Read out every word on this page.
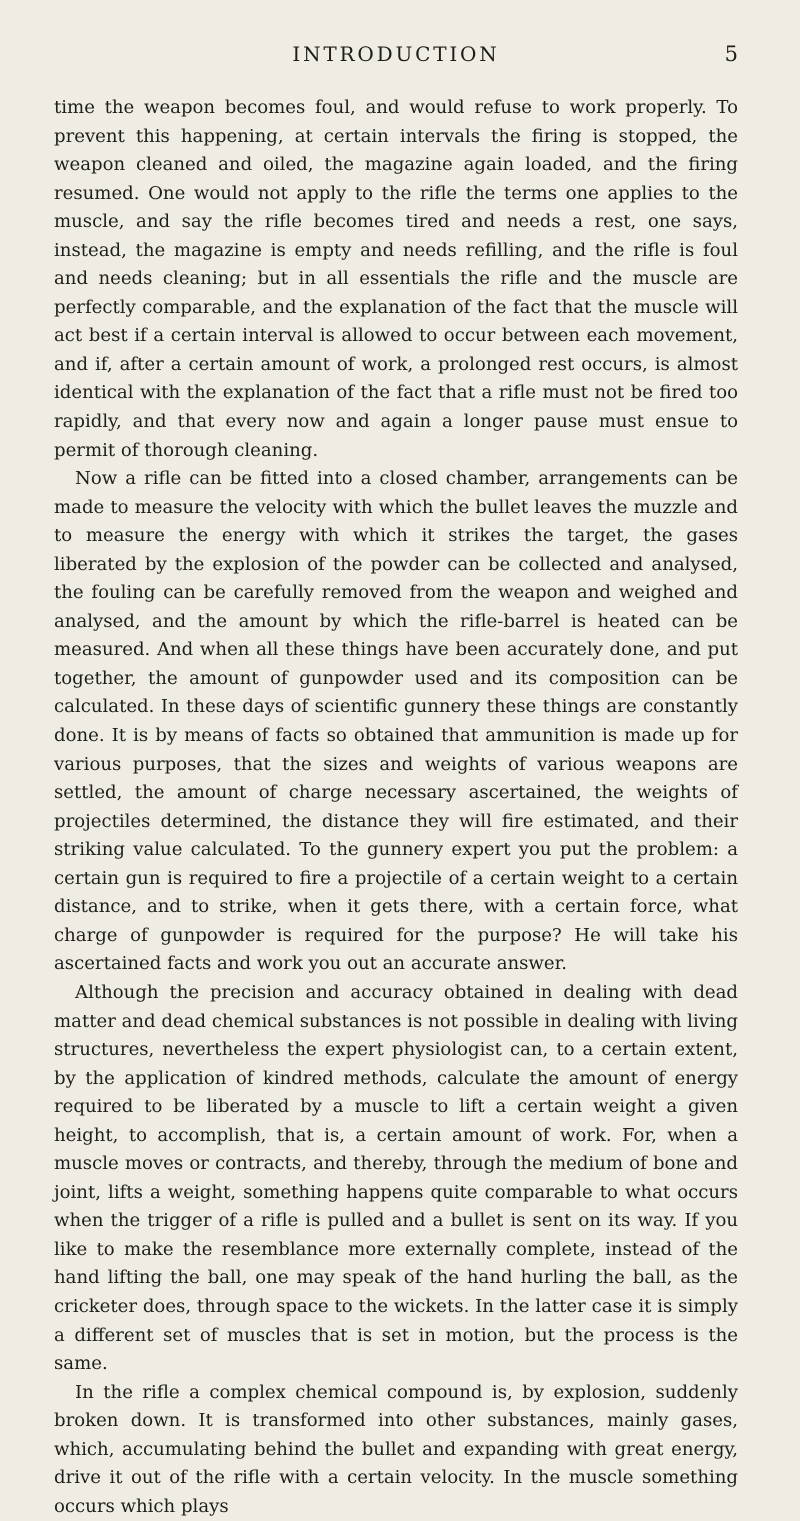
INTRODUCTION	5

time the weapon becomes foul, and would refuse to work properly. To prevent this happening, at certain intervals the firing is stopped, the weapon cleaned and oiled, the magazine again loaded, and the firing resumed. One would not apply to the rifle the terms one applies to the muscle, and say the rifle becomes tired and needs a rest, one says, instead, the magazine is empty and needs refilling, and the rifle is foul and needs cleaning; but in all essentials the rifle and the muscle are perfectly comparable, and the explanation of the fact that the muscle will act best if a certain interval is allowed to occur between each movement, and if, after a certain amount of work, a prolonged rest occurs, is almost identical with the explanation of the fact that a rifle must not be fired too rapidly, and that every now and again a longer pause must ensue to permit of thorough cleaning.

Now a rifle can be fitted into a closed chamber, arrangements can be made to measure the velocity with which the bullet leaves the muzzle and to measure the energy with which it strikes the target, the gases liberated by the explosion of the powder can be collected and analysed, the fouling can be carefully removed from the weapon and weighed and analysed, and the amount by which the rifle-barrel is heated can be measured. And when all these things have been accurately done, and put together, the amount of gunpowder used and its composition can be calculated. In these days of scientific gunnery these things are constantly done. It is by means of facts so obtained that ammunition is made up for various purposes, that the sizes and weights of various weapons are settled, the amount of charge necessary ascertained, the weights of projectiles determined, the distance they will fire estimated, and their striking value calculated. To the gunnery expert you put the problem: a certain gun is required to fire a projectile of a certain weight to a certain distance, and to strike, when it gets there, with a certain force, what charge of gunpowder is required for the purpose? He will take his ascertained facts and work you out an accurate answer.

Although the precision and accuracy obtained in dealing with dead matter and dead chemical substances is not possible in dealing with living structures, nevertheless the expert physiologist can, to a certain extent, by the application of kindred methods, calculate the amount of energy required to be liberated by a muscle to lift a certain weight a given height, to accomplish, that is, a certain amount of work. For, when a muscle moves or contracts, and thereby, through the medium of bone and joint, lifts a weight, something happens quite comparable to what occurs when the trigger of a rifle is pulled and a bullet is sent on its way. If you like to make the resemblance more externally complete, instead of the hand lifting the ball, one may speak of the hand hurling the ball, as the cricketer does, through space to the wickets. In the latter case it is simply a different set of muscles that is set in motion, but the process is the same.

In the rifle a complex chemical compound is, by explosion, suddenly broken down. It is transformed into other substances, mainly gases, which, accumulating behind the bullet and expanding with great energy, drive it out of the rifle with a certain velocity. In the muscle something occurs which plays
